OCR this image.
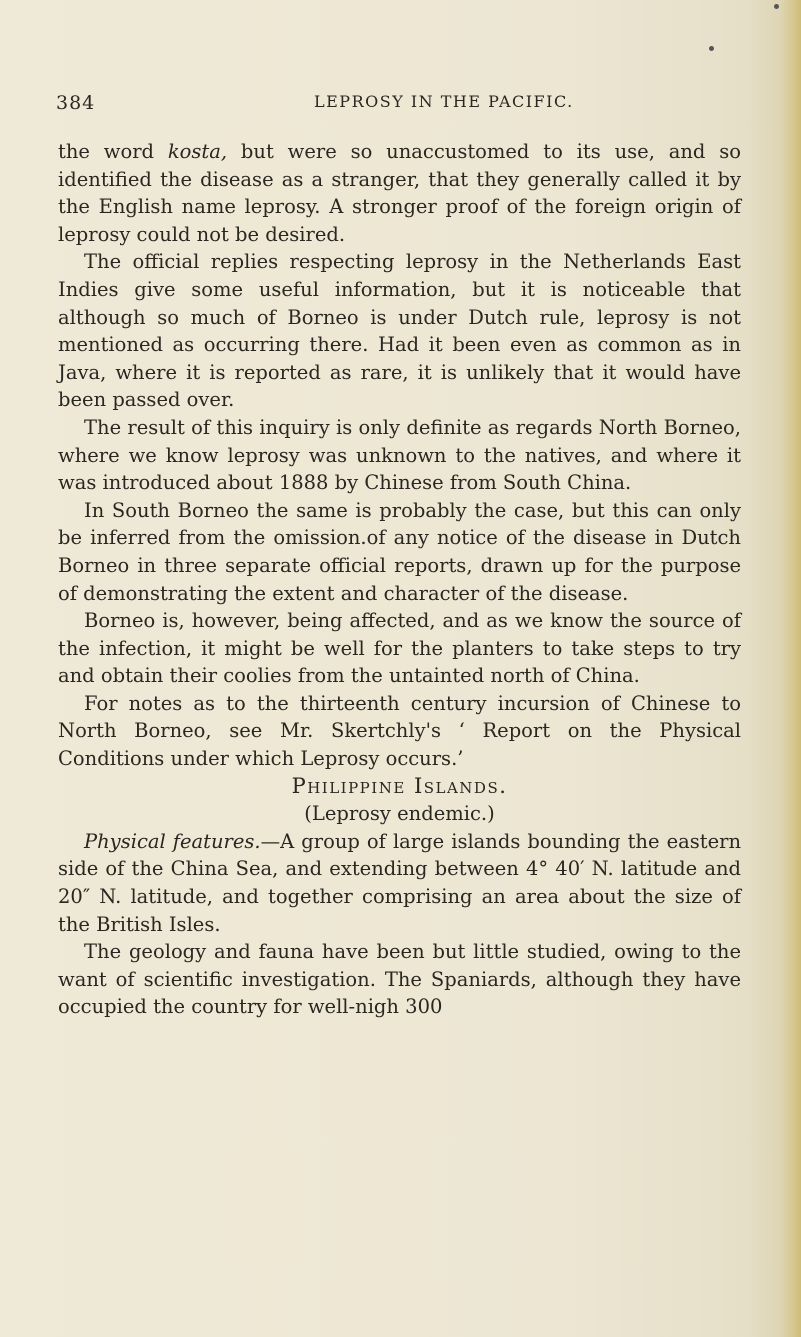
384	LEPROSY IN THE PACIFIC.

the word kosta, but were so unaccustomed to its use, and so identified the disease as a stranger, that they generally called it by the English name leprosy. A stronger proof of the foreign origin of leprosy could not be desired.

The official replies respecting leprosy in the Netherlands East Indies give some useful information, but it is noticeable that although so much of Borneo is under Dutch rule, leprosy is not mentioned as occurring there. Had it been even as common as in Java, where it is reported as rare, it is unlikely that it would have been passed over.

The result of this inquiry is only definite as regards North Borneo, where we know leprosy was unknown to the natives, and where it was introduced about 1888 by Chinese from South China.

In South Borneo the same is probably the case, but this can only be inferred from the omission.of any notice of the disease in Dutch Borneo in three separate official reports, drawn up for the purpose of demonstrating the extent and character of the disease.

Borneo is, however, being affected, and as we know the source of the infection, it might be well for the planters to take steps to try and obtain their coolies from the untainted north of China.

For notes as to the thirteenth century incursion of Chinese to North Borneo, see Mr. Skertchly's ‘ Report on the Physical Conditions under which Leprosy occurs.’

Philippine Islands.

(Leprosy endemic.)

Physical features.—A group of large islands bounding the eastern side of the China Sea, and extending between 4° 40′ N. latitude and 20″ N. latitude, and together comprising an area about the size of the British Isles.

The geology and fauna have been but little studied, owing to the want of scientific investigation. The Spaniards, although they have occupied the country for well-nigh 300
